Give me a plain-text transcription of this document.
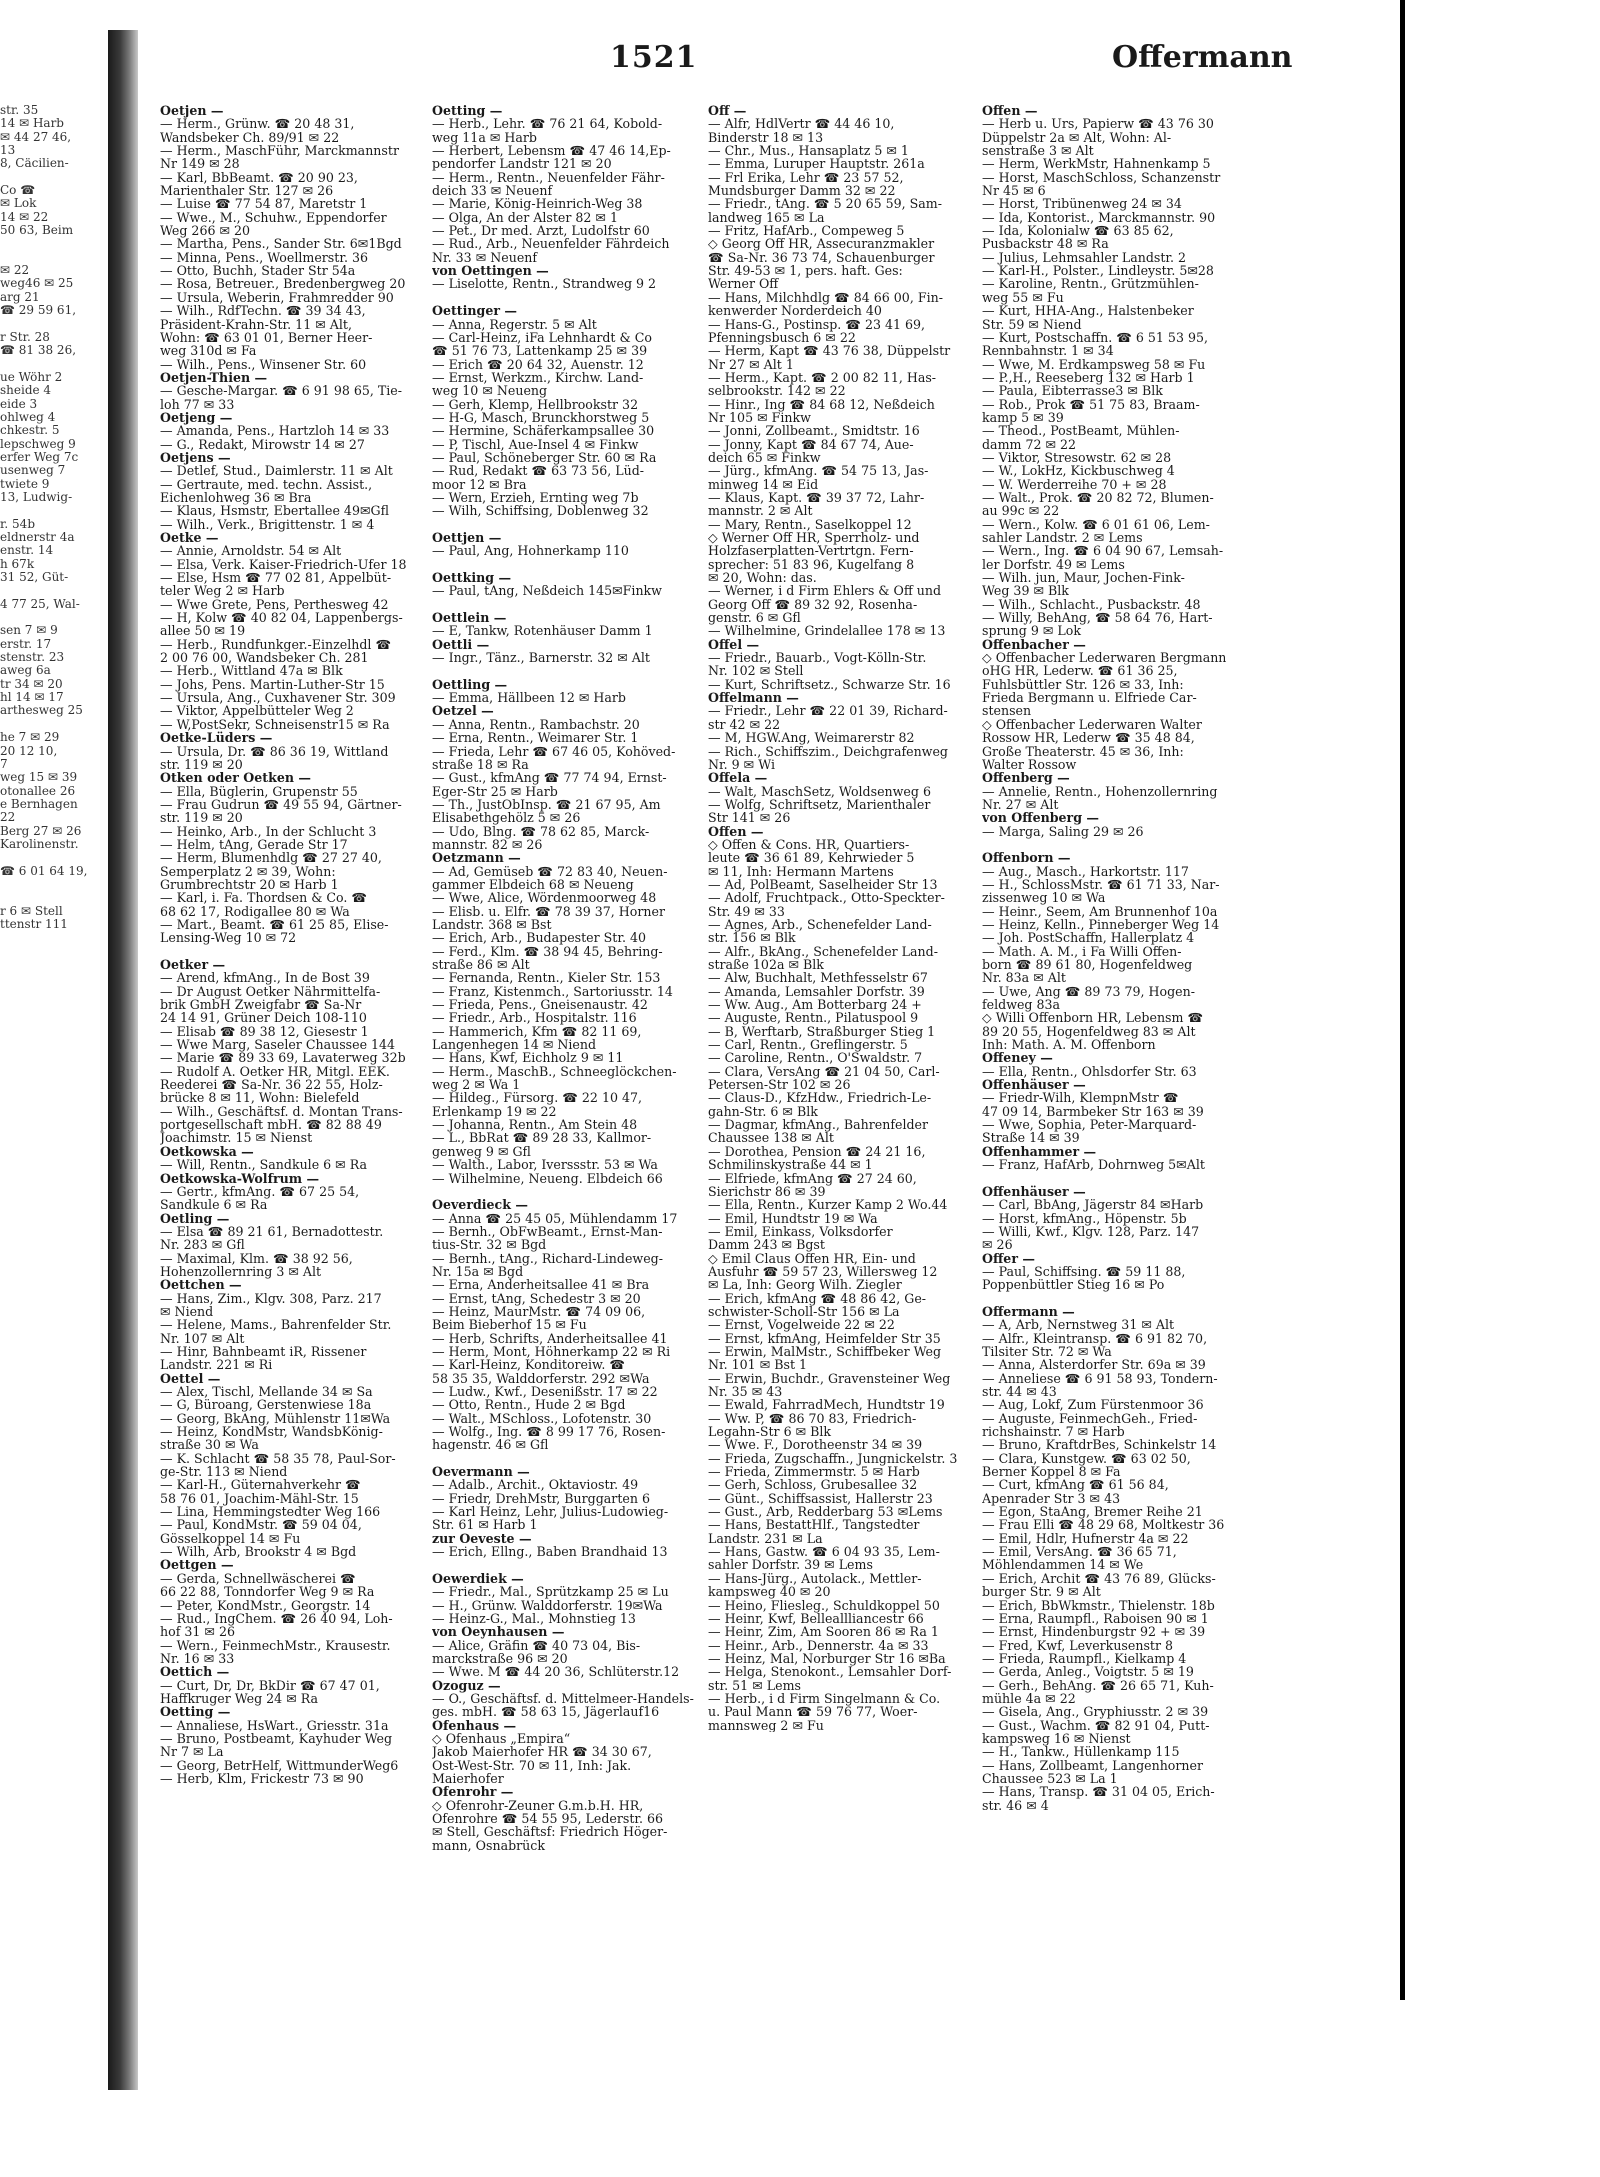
1521	Offermann
str. 35
14 ✉ Harb
✉ 44 27 46,
13
8, Cäcilien-
Co ☎
✉ Lok
14 ✉ 22
50 63, Beim
✉ 22
weg46 ✉ 25
arg 21
☎ 29 59 61,
r Str. 28
☎ 81 38 26,
ue Wöhr 2
sheide 4
eide 3
ohlweg 4
chkestr. 5
lepschweg 9
erfer Weg 7c
usenweg 7
twiete 9
13, Ludwig-
r. 54b
eldnerstr 4a
enstr. 14
h 67k
31 52, Güt-
4 77 25, Wal-
sen 7 ✉ 9
erstr. 17
stenstr. 23
aweg 6a
tr 34 ✉ 20
hl 14 ✉ 17
arthesweg 25
he 7 ✉ 29
20 12 10,
7
weg 15 ✉ 39
otonallee 26
e Bernhagen
22
Berg 27 ✉ 26
Karolinenstr.
☎ 6 01 64 19,
r 6 ✉ Stell
ttenstr 111
Oetjen —
— Herm., Grünw. ☎ 20 48 31,
Wandsbeker Ch. 89/91 ✉ 22
— Herm., MaschFühr, Marckmannstr
Nr 149 ✉ 28
— Karl, BbBeamt. ☎ 20 90 23,
Marienthaler Str. 127 ✉ 26
— Luise ☎ 77 54 87, Maretstr 1
— Wwe., M., Schuhw., Eppendorfer
Weg 266 ✉ 20
— Martha, Pens., Sander Str. 6✉1Bgd
— Minna, Pens., Woellmerstr. 36
— Otto, Buchh, Stader Str 54a
— Rosa, Betreuer., Bredenbergweg 20
— Ursula, Weberin, Frahmredder 90
— Wilh., RdfTechn. ☎ 39 34 43,
Präsident-Krahn-Str. 11 ✉ Alt,
Wohn: ☎ 63 01 01, Berner Heer-
weg 310d ✉ Fa
— Wilh., Pens., Winsener Str. 60
Oetjen-Thien —
— Gesche-Margar. ☎ 6 91 98 65, Tie-
loh 77 ✉ 33
Oetjeng —
— Amanda, Pens., Hartzloh 14 ✉ 33
— G., Redakt, Mirowstr 14 ✉ 27
Oetjens —
— Detlef, Stud., Daimlerstr. 11 ✉ Alt
— Gertraute, med. techn. Assist.,
Eichenlohweg 36 ✉ Bra
— Klaus, Hsmstr, Ebertallee 49✉Gfl
— Wilh., Verk., Brigittenstr. 1 ✉ 4
Oetke —
— Annie, Arnoldstr. 54 ✉ Alt
— Elsa, Verk. Kaiser-Friedrich-Ufer 18
— Else, Hsm ☎ 77 02 81, Appelbüt-
teler Weg 2 ✉ Harb
— Wwe Grete, Pens, Perthesweg 42
— H, Kolw ☎ 40 82 04, Lappenbergs-
allee 50 ✉ 19
— Herb., Rundfunkger.-Einzelhdl ☎
2 00 76 00, Wandsbeker Ch. 281
— Herb., Wittland 47a ✉ Blk
— Johs, Pens. Martin-Luther-Str 15
— Ursula, Ang., Cuxhavener Str. 309
— Viktor, Appelbütteler Weg 2
— W,PostSekr, Schneisenstr15 ✉ Ra
Oetke-Lüders —
— Ursula, Dr. ☎ 86 36 19, Wittland
str. 119 ✉ 20
Otken oder Oetken —
— Ella, Büglerin, Grupenstr 55
— Frau Gudrun ☎ 49 55 94, Gärtner-
str. 119 ✉ 20
— Heinko, Arb., In der Schlucht 3
— Helm, tAng, Gerade Str 17
— Herm, Blumenhdlg ☎ 27 27 40,
Semperplatz 2 ✉ 39, Wohn:
Grumbrechtstr 20 ✉ Harb 1
— Karl, i. Fa. Thordsen & Co. ☎
68 62 17, Rodigallee 80 ✉ Wa
— Mart., Beamt. ☎ 61 25 85, Elise-
Lensing-Weg 10 ✉ 72
Oetker —
— Arend, kfmAng., In de Bost 39
— Dr August Oetker Nährmittelfa-
brik GmbH Zweigfabr ☎ Sa-Nr
24 14 91, Grüner Deich 108-110
— Elisab ☎ 89 38 12, Giesestr 1
— Wwe Marg, Saseler Chaussee 144
— Marie ☎ 89 33 69, Lavaterweg 32b
— Rudolf A. Oetker HR, Mitgl. EEK.
Reederei ☎ Sa-Nr. 36 22 55, Holz-
brücke 8 ✉ 11, Wohn: Bielefeld
— Wilh., Geschäftsf. d. Montan Trans-
portgesellschaft mbH. ☎ 82 88 49
Joachimstr. 15 ✉ Nienst
Oetkowska —
— Will, Rentn., Sandkule 6 ✉ Ra
Oetkowska-Wolfrum —
— Gertr., kfmAng. ☎ 67 25 54,
Sandkule 6 ✉ Ra
Oetling —
— Elsa ☎ 89 21 61, Bernadottestr.
Nr. 283 ✉ Gfl
— Maximal, Klm. ☎ 38 92 56,
Hohenzollernring 3 ✉ Alt
Oettchen —
— Hans, Zim., Klgv. 308, Parz. 217
✉ Niend
— Helene, Mams., Bahrenfelder Str.
Nr. 107 ✉ Alt
— Hinr, Bahnbeamt iR, Rissener
Landstr. 221 ✉ Ri
Oettel —
— Alex, Tischl, Mellande 34 ✉ Sa
— G, Büroang, Gerstenwiese 18a
— Georg, BkAng, Mühlenstr 11✉Wa
— Heinz, KondMstr, WandsbKönig-
straße 30 ✉ Wa
— K. Schlacht ☎ 58 35 78, Paul-Sor-
ge-Str. 113 ✉ Niend
— Karl-H., Güternahverkehr ☎
58 76 01, Joachim-Mähl-Str. 15
— Lina, Hemmingstedter Weg 166
— Paul, KondMstr. ☎ 59 04 04,
Gösselkoppel 14 ✉ Fu
— Wilh, Arb, Brookstr 4 ✉ Bgd
Oettgen —
— Gerda, Schnellwäscherei ☎
66 22 88, Tonndorfer Weg 9 ✉ Ra
— Peter, KondMstr., Georgstr. 14
— Rud., IngChem. ☎ 26 40 94, Loh-
hof 31 ✉ 26
— Wern., FeinmechMstr., Krausestr.
Nr. 16 ✉ 33
Oettich —
— Curt, Dr, Dr, BkDir ☎ 67 47 01,
Haffkruger Weg 24 ✉ Ra
Oetting —
— Annaliese, HsWart., Griesstr. 31a
— Bruno, Postbeamt, Kayhuder Weg
Nr 7 ✉ La
— Georg, BetrHelf, WittmunderWeg6
— Herb, Klm, Frickestr 73 ✉ 90
Oetting —
— Herb., Lehr. ☎ 76 21 64, Kobold-
weg 11a ✉ Harb
— Herbert, Lebensm ☎ 47 46 14,Ep-
pendorfer Landstr 121 ✉ 20
— Herm., Rentn., Neuenfelder Fähr-
deich 33 ✉ Neuenf
— Marie, König-Heinrich-Weg 38
— Olga, An der Alster 82 ✉ 1
— Pet., Dr med. Arzt, Ludolfstr 60
— Rud., Arb., Neuenfelder Fährdeich
Nr. 33 ✉ Neuenf
von Oettingen —
— Liselotte, Rentn., Strandweg 9 2
Oettinger —
— Anna, Regerstr. 5 ✉ Alt
— Carl-Heinz, iFa Lehnhardt & Co
☎ 51 76 73, Lattenkamp 25 ✉ 39
— Erich ☎ 20 64 32, Auenstr. 12
— Ernst, Werkzm., Kirchw. Land-
weg 10 ✉ Neueng
— Gerh, Klemp, Hellbrookstr 32
— H-G, Masch, Brunckhorstweg 5
— Hermine, Schäferkampsallee 30
— P, Tischl, Aue-Insel 4 ✉ Finkw
— Paul, Schöneberger Str. 60 ✉ Ra
— Rud, Redakt ☎ 63 73 56, Lüd-
moor 12 ✉ Bra
— Wern, Erzieh, Ernting weg 7b
— Wilh, Schiffsing, Doblenweg 32
Oettjen —
— Paul, Ang, Hohnerkamp 110
Oettking —
— Paul, tAng, Neßdeich 145✉Finkw
Oettlein —
— E, Tankw, Rotenhäuser Damm 1
Oettli —
— Ingr., Tänz., Barnerstr. 32 ✉ Alt
Oettling —
— Emma, Hällbeen 12 ✉ Harb
Oetzel —
— Anna, Rentn., Rambachstr. 20
— Erna, Rentn., Weimarer Str. 1
— Frieda, Lehr ☎ 67 46 05, Kohöved-
straße 18 ✉ Ra
— Gust., kfmAng ☎ 77 74 94, Ernst-
Eger-Str 25 ✉ Harb
— Th., JustObInsp. ☎ 21 67 95, Am
Elisabethgehölz 5 ✉ 26
— Udo, Blng. ☎ 78 62 85, Marck-
mannstr. 82 ✉ 26
Oetzmann —
— Ad, Gemüseb ☎ 72 83 40, Neuen-
gammer Elbdeich 68 ✉ Neueng
— Wwe, Alice, Wördenmoorweg 48
— Elisb. u. Elfr. ☎ 78 39 37, Horner
Landstr. 368 ✉ Bst
— Erich, Arb., Budapester Str. 40
— Ferd., Klm. ☎ 38 94 45, Behring-
straße 86 ✉ Alt
— Fernanda, Rentn., Kieler Str. 153
— Franz, Kistenmch., Sartoriusstr. 14
— Frieda, Pens., Gneisenaustr. 42
— Friedr., Arb., Hospitalstr. 116
— Hammerich, Kfm ☎ 82 11 69,
Langenhegen 14 ✉ Niend
— Hans, Kwf, Eichholz 9 ✉ 11
— Herm., MaschB., Schneeglöckchen-
weg 2 ✉ Wa 1
— Hildeg., Fürsorg. ☎ 22 10 47,
Erlenkamp 19 ✉ 22
— Johanna, Rentn., Am Stein 48
— L., BbRat ☎ 89 28 33, Kallmor-
genweg 9 ✉ Gfl
— Walth., Labor, Iverssstr. 53 ✉ Wa
— Wilhelmine, Neueng. Elbdeich 66
Oeverdieck —
— Anna ☎ 25 45 05, Mühlendamm 17
— Bernh., ObFwBeamt., Ernst-Man-
tius-Str. 32 ✉ Bgd
— Bernh., tAng., Richard-Lindeweg-
Nr. 15a ✉ Bgd
— Erna, Anderheitsallee 41 ✉ Bra
— Ernst, tAng, Schedestr 3 ✉ 20
— Heinz, MaurMstr. ☎ 74 09 06,
Beim Bieberhof 15 ✉ Fu
— Herb, Schrifts, Anderheitsallee 41
— Herm, Mont, Höhnerkamp 22 ✉ Ri
— Karl-Heinz, Konditoreiw. ☎
58 35 35, Walddorferstr. 292 ✉Wa
— Ludw., Kwf., Desenißstr. 17 ✉ 22
— Otto, Rentn., Hude 2 ✉ Bgd
— Walt., MSchloss., Lofotenstr. 30
— Wolfg., Ing. ☎ 8 99 17 76, Rosen-
hagenstr. 46 ✉ Gfl
Oevermann —
— Adalb., Archit., Oktaviostr. 49
— Friedr, DrehMstr, Burggarten 6
— Karl Heinz, Lehr, Julius-Ludowieg-
Str. 61 ✉ Harb 1
zur Oeveste —
— Erich, Ellng., Baben Brandhaid 13
Oewerdiek —
— Friedr., Mal., Sprützkamp 25 ✉ Lu
— H., Grünw. Walddorferstr. 19✉Wa
— Heinz-G., Mal., Mohnstieg 13
von Oeynhausen —
— Alice, Gräfin ☎ 40 73 04, Bis-
marckstraße 96 ✉ 20
— Wwe. M ☎ 44 20 36, Schlüterstr.12
Ozoguz —
— O., Geschäftsf. d. Mittelmeer-Handels-
ges. mbH. ☎ 58 63 15, Jägerlauf16
Ofenhaus —
◇ Ofenhaus „Empira“
Jakob Maierhofer HR ☎ 34 30 67,
Ost-West-Str. 70 ✉ 11, Inh: Jak.
Maierhofer
Ofenrohr —
◇ Ofenrohr-Zeuner G.m.b.H. HR,
Ofenrohre ☎ 54 55 95, Lederstr. 66
✉ Stell, Geschäftsf: Friedrich Höger-
mann, Osnabrück
Off —
— Alfr, HdlVertr ☎ 44 46 10,
Binderstr 18 ✉ 13
— Chr., Mus., Hansaplatz 5 ✉ 1
— Emma, Luruper Hauptstr. 261a
— Frl Erika, Lehr ☎ 23 57 52,
Mundsburger Damm 32 ✉ 22
— Friedr., tAng. ☎ 5 20 65 59, Sam-
landweg 165 ✉ La
— Fritz, HafArb., Compeweg 5
◇ Georg Off HR, Assecuranzmakler
☎ Sa-Nr. 36 73 74, Schauenburger
Str. 49-53 ✉ 1, pers. haft. Ges:
Werner Off
— Hans, Milchhdlg ☎ 84 66 00, Fin-
kenwerder Norderdeich 40
— Hans-G., Postinsp. ☎ 23 41 69,
Pfenningsbusch 6 ✉ 22
— Herm, Kapt ☎ 43 76 38, Düppelstr
Nr 27 ✉ Alt 1
— Herm., Kapt. ☎ 2 00 82 11, Has-
selbrookstr. 142 ✉ 22
— Hinr., Ing ☎ 84 68 12, Neßdeich
Nr 105 ✉ Finkw
— Jonni, Zollbeamt., Smidtstr. 16
— Jonny, Kapt ☎ 84 67 74, Aue-
deich 65 ✉ Finkw
— Jürg., kfmAng. ☎ 54 75 13, Jas-
minweg 14 ✉ Eid
— Klaus, Kapt. ☎ 39 37 72, Lahr-
mannstr. 2 ✉ Alt
— Mary, Rentn., Saselkoppel 12
◇ Werner Off HR, Sperrholz- und
Holzfaserplatten-Vertrtgn. Fern-
sprecher: 51 83 96, Kugelfang 8
✉ 20, Wohn: das.
— Werner, i d Firm Ehlers & Off und
Georg Off ☎ 89 32 92, Rosenha-
genstr. 6 ✉ Gfl
— Wilhelmine, Grindelallee 178 ✉ 13
Offel —
— Friedr., Bauarb., Vogt-Kölln-Str.
Nr. 102 ✉ Stell
— Kurt, Schriftsetz., Schwarze Str. 16
Offelmann —
— Friedr., Lehr ☎ 22 01 39, Richard-
str 42 ✉ 22
— M, HGW.Ang, Weimarerstr 82
— Rich., Schiffszim., Deichgrafenweg
Nr. 9 ✉ Wi
Offela —
— Walt, MaschSetz, Woldsenweg 6
— Wolfg, Schriftsetz, Marienthaler
Str 141 ✉ 26
Offen —
◇ Offen & Cons. HR, Quartiers-
leute ☎ 36 61 89, Kehrwieder 5
✉ 11, Inh: Hermann Martens
— Ad, PolBeamt, Saselheider Str 13
— Adolf, Fruchtpack., Otto-Speckter-
Str. 49 ✉ 33
— Agnes, Arb., Schenefelder Land-
str. 156 ✉ Blk
— Alfr., BkAng., Schenefelder Land-
straße 102a ✉ Blk
— Alw, Buchhalt, Methfesselstr 67
— Amanda, Lemsahler Dorfstr. 39
— Ww. Aug., Am Botterbarg 24 +
— Auguste, Rentn., Pilatuspool 9
— B, Werftarb, Straßburger Stieg 1
— Carl, Rentn., Greflingerstr. 5
— Caroline, Rentn., O'Swaldstr. 7
— Clara, VersAng ☎ 21 04 50, Carl-
Petersen-Str 102 ✉ 26
— Claus-D., KfzHdw., Friedrich-Le-
gahn-Str. 6 ✉ Blk
— Dagmar, kfmAng., Bahrenfelder
Chaussee 138 ✉ Alt
— Dorothea, Pension ☎ 24 21 16,
Schmilinskystraße 44 ✉ 1
— Elfriede, kfmAng ☎ 27 24 60,
Sierichstr 86 ✉ 39
— Ella, Rentn., Kurzer Kamp 2 Wo.44
— Emil, Hundtstr 19 ✉ Wa
— Emil, Einkass, Volksdorfer
Damm 243 ✉ Bgst
◇ Emil Claus Offen HR, Ein- und
Ausfuhr ☎ 59 57 23, Willersweg 12
✉ La, Inh: Georg Wilh. Ziegler
— Erich, kfmAng ☎ 48 86 42, Ge-
schwister-Scholl-Str 156 ✉ La
— Ernst, Vogelweide 22 ✉ 22
— Ernst, kfmAng, Heimfelder Str 35
— Erwin, MalMstr., Schiffbeker Weg
Nr. 101 ✉ Bst 1
— Erwin, Buchdr., Gravensteiner Weg
Nr. 35 ✉ 43
— Ewald, FahrradMech, Hundtstr 19
— Ww. P, ☎ 86 70 83, Friedrich-
Legahn-Str 6 ✉ Blk
— Wwe. F., Dorotheenstr 34 ✉ 39
— Frieda, Zugschaffn., Jungnickelstr. 3
— Frieda, Zimmermstr. 5 ✉ Harb
— Gerh, Schloss, Grubesallee 32
— Günt., Schiffsassist, Hallerstr 23
— Gust., Arb, Redderbarg 53 ✉Lems
— Hans, BestattHlf., Tangstedter
Landstr. 231 ✉ La
— Hans, Gastw. ☎ 6 04 93 35, Lem-
sahler Dorfstr. 39 ✉ Lems
— Hans-Jürg., Autolack., Mettler-
kampsweg 40 ✉ 20
— Heino, Fliesleg., Schuldkoppel 50
— Heinr, Kwf, Belleallliancestr 66
— Heinr, Zim, Am Sooren 86 ✉ Ra 1
— Heinr., Arb., Dennerstr. 4a ✉ 33
— Heinz, Mal, Norburger Str 16 ✉Ba
— Helga, Stenokont., Lemsahler Dorf-
str. 51 ✉ Lems
— Herb., i d Firm Singelmann & Co.
u. Paul Mann ☎ 59 76 77, Woer-
mannsweg 2 ✉ Fu
Offen —
— Herb u. Urs, Papierw ☎ 43 76 30
Düppelstr 2a ✉ Alt, Wohn: Al-
senstraße 3 ✉ Alt
— Herm, WerkMstr, Hahnenkamp 5
— Horst, MaschSchloss, Schanzenstr
Nr 45 ✉ 6
— Horst, Tribünenweg 24 ✉ 34
— Ida, Kontorist., Marckmannstr. 90
— Ida, Kolonialw ☎ 63 85 62,
Pusbackstr 48 ✉ Ra
— Julius, Lehmsahler Landstr. 2
— Karl-H., Polster., Lindleystr. 5✉28
— Karoline, Rentn., Grützmühlen-
weg 55 ✉ Fu
— Kurt, HHA-Ang., Halstenbeker
Str. 59 ✉ Niend
— Kurt, Postschaffn. ☎ 6 51 53 95,
Rennbahnstr. 1 ✉ 34
— Wwe, M. Erdkampsweg 58 ✉ Fu
— P.,H., Reeseberg 132 ✉ Harb 1
— Paula, Eibterrasse3 ✉ Blk
— Rob., Prok ☎ 51 75 83, Braam-
kamp 5 ✉ 39
— Theod., PostBeamt, Mühlen-
damm 72 ✉ 22
— Viktor, Stresowstr. 62 ✉ 28
— W., LokHz, Kickbuschweg 4
— W. Werderreihe 70 + ✉ 28
— Walt., Prok. ☎ 20 82 72, Blumen-
au 99c ✉ 22
— Wern., Kolw. ☎ 6 01 61 06, Lem-
sahler Landstr. 2 ✉ Lems
— Wern., Ing. ☎ 6 04 90 67, Lemsah-
ler Dorfstr. 49 ✉ Lems
— Wilh. jun, Maur, Jochen-Fink-
Weg 39 ✉ Blk
— Wilh., Schlacht., Pusbackstr. 48
— Willy, BehAng, ☎ 58 64 76, Hart-
sprung 9 ✉ Lok
Offenbacher —
◇ Offenbacher Lederwaren Bergmann
oHG HR, Lederw. ☎ 61 36 25,
Fuhlsbüttler Str. 126 ✉ 33, Inh:
Frieda Bergmann u. Elfriede Car-
stensen
◇ Offenbacher Lederwaren Walter
Rossow HR, Lederw ☎ 35 48 84,
Große Theaterstr. 45 ✉ 36, Inh:
Walter Rossow
Offenberg —
— Annelie, Rentn., Hohenzollernring
Nr. 27 ✉ Alt
von Offenberg —
— Marga, Saling 29 ✉ 26
Offenborn —
— Aug., Masch., Harkortstr. 117
— H., SchlossMstr. ☎ 61 71 33, Nar-
zissenweg 10 ✉ Wa
— Heinr., Seem, Am Brunnenhof 10a
— Heinz, Kelln., Pinneberger Weg 14
— Joh. PostSchaffn, Hallerplatz 4
— Math. A. M., i Fa Willi Offen-
born ☎ 89 61 80, Hogenfeldweg
Nr. 83a ✉ Alt
— Uwe, Ang ☎ 89 73 79, Hogen-
feldweg 83a
◇ Willi Offenborn HR, Lebensm ☎
89 20 55, Hogenfeldweg 83 ✉ Alt
Inh: Math. A. M. Offenborn
Offeney —
— Ella, Rentn., Ohlsdorfer Str. 63
Offenhäuser —
— Friedr-Wilh, KlempnMstr ☎
47 09 14, Barmbeker Str 163 ✉ 39
— Wwe, Sophia, Peter-Marquard-
Straße 14 ✉ 39
Offenhammer —
— Franz, HafArb, Dohrnweg 5✉Alt
Offenhäuser —
— Carl, BbAng, Jägerstr 84 ✉Harb
— Horst, kfmAng., Höpenstr. 5b
— Willi, Kwf., Klgv. 128, Parz. 147
✉ 26
Offer —
— Paul, Schiffsing. ☎ 59 11 88,
Poppenbüttler Stieg 16 ✉ Po
Offermann —
— A, Arb, Nernstweg 31 ✉ Alt
— Alfr., Kleintransp. ☎ 6 91 82 70,
Tilsiter Str. 72 ✉ Wa
— Anna, Alsterdorfer Str. 69a ✉ 39
— Anneliese ☎ 6 91 58 93, Tondern-
str. 44 ✉ 43
— Aug, Lokf, Zum Fürstenmoor 36
— Auguste, FeinmechGeh., Fried-
richshainstr. 7 ✉ Harb
— Bruno, KraftdrBes, Schinkelstr 14
— Clara, Kunstgew. ☎ 63 02 50,
Berner Koppel 8 ✉ Fa
— Curt, kfmAng ☎ 61 56 84,
Apenrader Str 3 ✉ 43
— Egon, StaAng, Bremer Reihe 21
— Frau Elli ☎ 48 29 68, Moltkestr 36
— Emil, Hdlr, Hufnerstr 4a ✉ 22
— Emil, VersAng. ☎ 36 65 71,
Möhlendammen 14 ✉ We
— Erich, Archit ☎ 43 76 89, Glücks-
burger Str. 9 ✉ Alt
— Erich, BbWkmstr., Thielenstr. 18b
— Erna, Raumpfl., Raboisen 90 ✉ 1
— Ernst, Hindenburgstr 92 + ✉ 39
— Fred, Kwf, Leverkusenstr 8
— Frieda, Raumpfl., Kielkamp 4
— Gerda, Anleg., Voigtstr. 5 ✉ 19
— Gerh., BehAng. ☎ 26 65 71, Kuh-
mühle 4a ✉ 22
— Gisela, Ang., Gryphiusstr. 2 ✉ 39
— Gust., Wachm. ☎ 82 91 04, Putt-
kampsweg 16 ✉ Nienst
— H., Tankw., Hüllenkamp 115
— Hans, Zollbeamt, Langenhorner
Chaussee 523 ✉ La 1
— Hans, Transp. ☎ 31 04 05, Erich-
str. 46 ✉ 4
